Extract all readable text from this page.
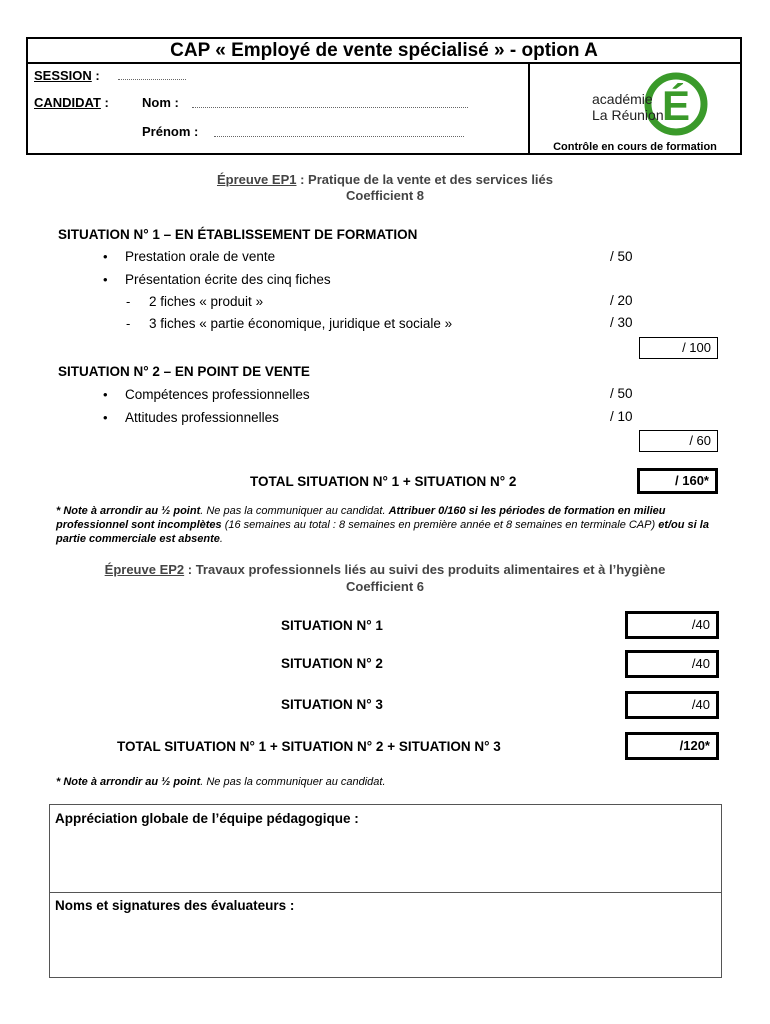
CAP « Employé de vente spécialisé » - option A
SESSION :
CANDIDAT :	Nom :
Prénom :
É
académie
La Réunion
Contrôle en cours de formation
Épreuve EP1 : Pratique de la vente et des services liés
Coefficient 8
SITUATION N° 1 – EN ÉTABLISSEMENT DE FORMATION
• Prestation orale de vente	/ 50
• Présentation écrite des cinq fiches
- 2 fiches « produit »	/ 20
- 3 fiches « partie économique, juridique et sociale »	/ 30
/ 100
SITUATION N° 2 – EN POINT DE VENTE
• Compétences professionnelles	/ 50
• Attitudes professionnelles	/ 10
/ 60
TOTAL SITUATION N° 1 + SITUATION N° 2	/ 160*
* Note à arrondir au ½ point. Ne pas la communiquer au candidat. Attribuer 0/160 si les périodes de formation en milieu professionnel sont incomplètes (16 semaines au total : 8 semaines en première année et 8 semaines en terminale CAP) et/ou si la partie commerciale est absente.
Épreuve EP2 : Travaux professionnels liés au suivi des produits alimentaires et à l’hygiène
Coefficient 6
SITUATION N° 1	/40
SITUATION N° 2	/40
SITUATION N° 3	/40
TOTAL SITUATION N° 1 + SITUATION N° 2 + SITUATION N° 3	/120*
* Note à arrondir au ½ point. Ne pas la communiquer au candidat.
Appréciation globale de l’équipe pédagogique :
Noms et signatures des évaluateurs :
